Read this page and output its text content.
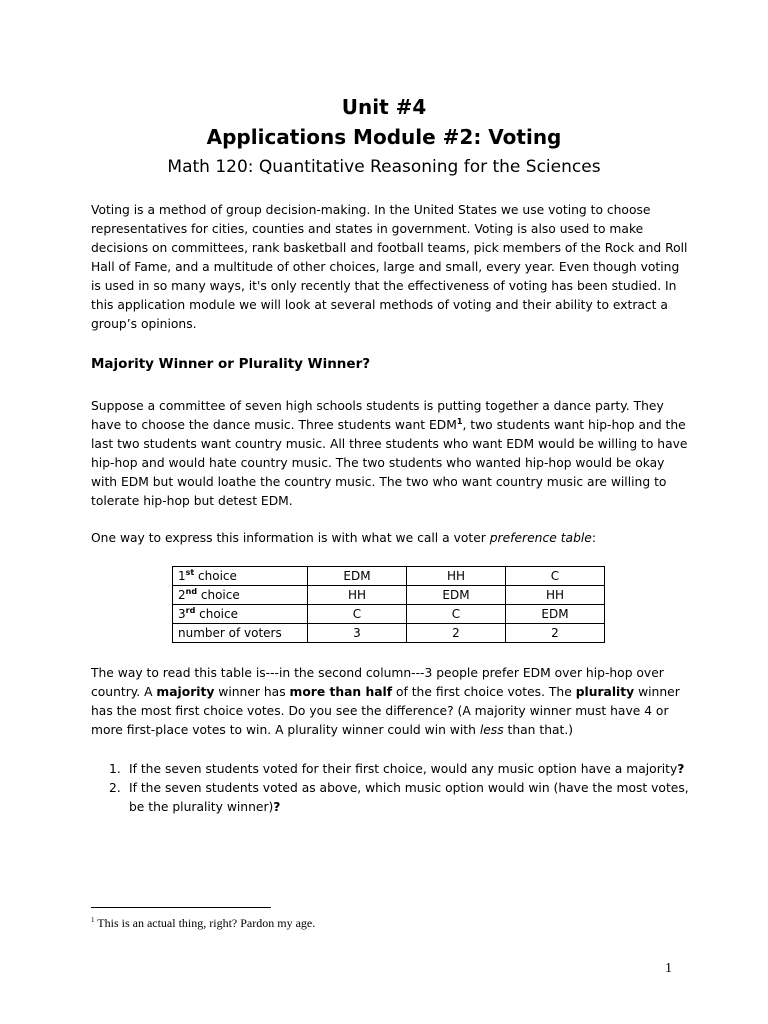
Unit #4

Applications Module #2: Voting

Math 120: Quantitative Reasoning for the Sciences

Voting is a method of group decision-making. In the United States we use voting to choose representatives for cities, counties and states in government. Voting is also used to make decisions on committees, rank basketball and football teams, pick members of the Rock and Roll Hall of Fame, and a multitude of other choices, large and small, every year. Even though voting is used in so many ways, it's only recently that the effectiveness of voting has been studied. In this application module we will look at several methods of voting and their ability to extract a group’s opinions.

Majority Winner or Plurality Winner?

Suppose a committee of seven high schools students is putting together a dance party. They have to choose the dance music. Three students want EDM$^1$, two students want hip-hop and the last two students want country music. All three students who want EDM would be willing to have hip-hop and would hate country music. The two students who wanted hip-hop would be okay with EDM but would loathe the country music. The two who want country music are willing to tolerate hip-hop but detest EDM.

One way to express this information is with what we call a voter preference table:

1st choice	EDM	HH	C
2nd choice	HH	EDM	HH
3rd choice	C	C	EDM
number of voters	3	2	2

The way to read this table is---in the second column---3 people prefer EDM over hip-hop over country. A majority winner has more than half of the first choice votes. The plurality winner has the most first choice votes. Do you see the difference? (A majority winner must have 4 or more first-place votes to win. A plurality winner could win with less than that.)

1. If the seven students voted for their first choice, would any music option have a majority?
2. If the seven students voted as above, which music option would win (have the most votes, be the plurality winner)?

$^1$ This is an actual thing, right? Pardon my age.

1
